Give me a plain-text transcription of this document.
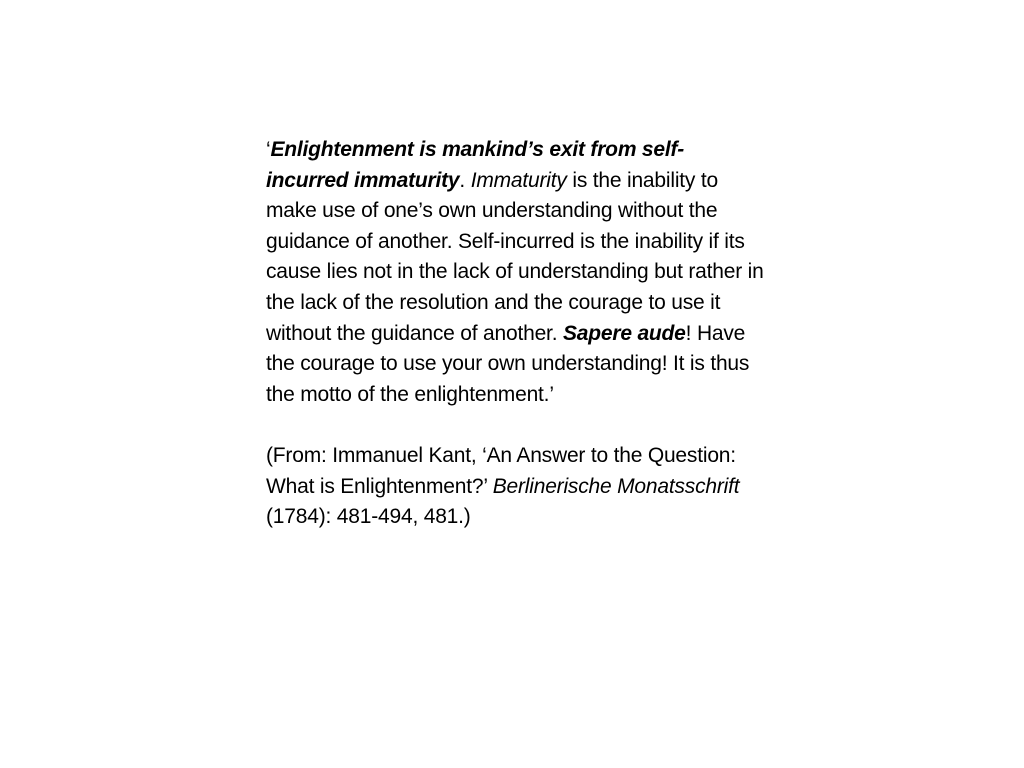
‘Enlightenment is mankind’s exit from self-incurred immaturity. Immaturity is the inability to make use of one’s own understanding without the guidance of another. Self-incurred is the inability if its cause lies not in the lack of understanding but rather in the lack of the resolution and the courage to use it without the guidance of another. Sapere aude! Have the courage to use your own understanding! It is thus the motto of the enlightenment.’

(From: Immanuel Kant, ‘An Answer to the Question: What is Enlightenment?’ Berlinerische Monatsschrift (1784): 481-494, 481.)
